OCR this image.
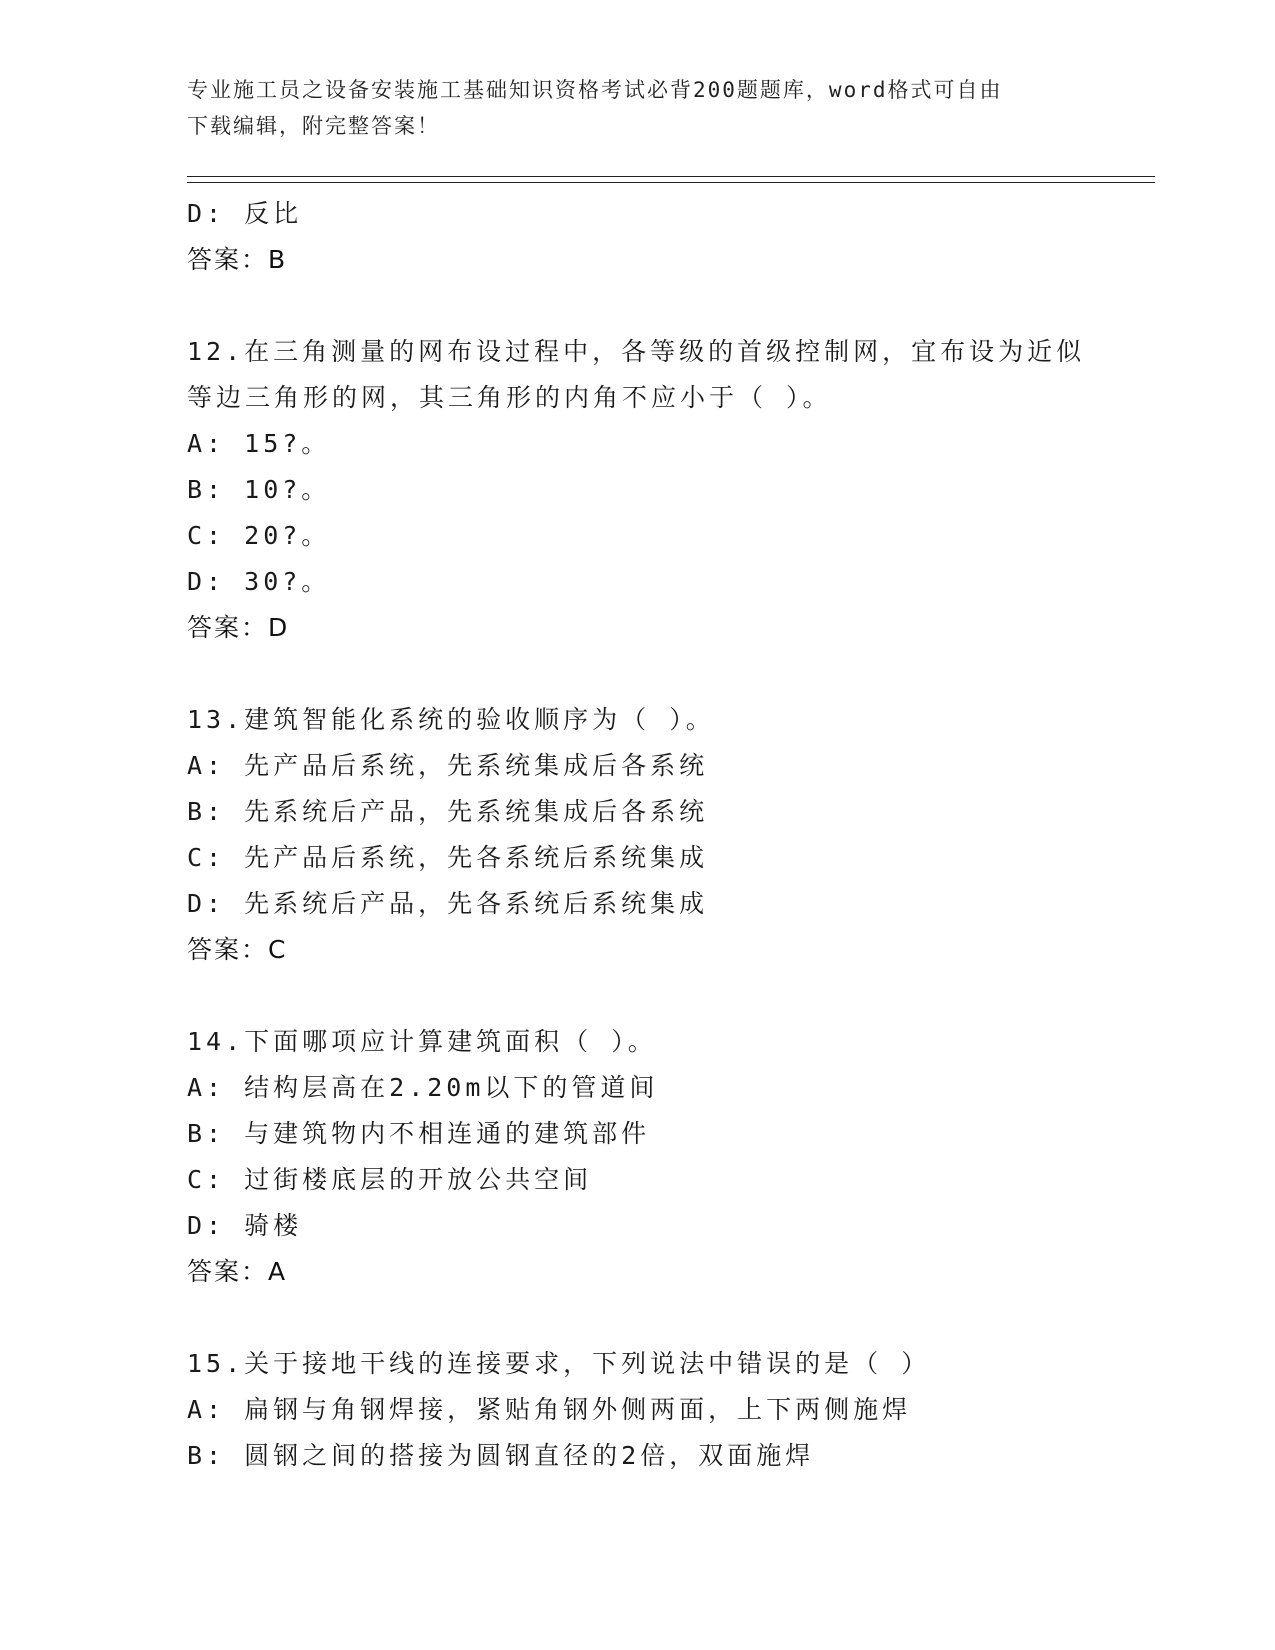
专业施工员之设备安装施工基础知识资格考试必背200题题库，word格式可自由
下载编辑，附完整答案！
D: 反比
答案：B
12.在三角测量的网布设过程中，各等级的首级控制网，宜布设为近似
等边三角形的网，其三角形的内角不应小于（ ）。
A: 15?。
B: 10?。
C: 20?。
D: 30?。
答案：D
13.建筑智能化系统的验收顺序为（ ）。
A: 先产品后系统，先系统集成后各系统
B: 先系统后产品，先系统集成后各系统
C: 先产品后系统，先各系统后系统集成
D: 先系统后产品，先各系统后系统集成
答案：C
14.下面哪项应计算建筑面积（ ）。
A: 结构层高在2.20m以下的管道间
B: 与建筑物内不相连通的建筑部件
C: 过街楼底层的开放公共空间
D: 骑楼
答案：A
15.关于接地干线的连接要求，下列说法中错误的是（ ）
A: 扁钢与角钢焊接，紧贴角钢外侧两面，上下两侧施焊
B: 圆钢之间的搭接为圆钢直径的2倍，双面施焊
